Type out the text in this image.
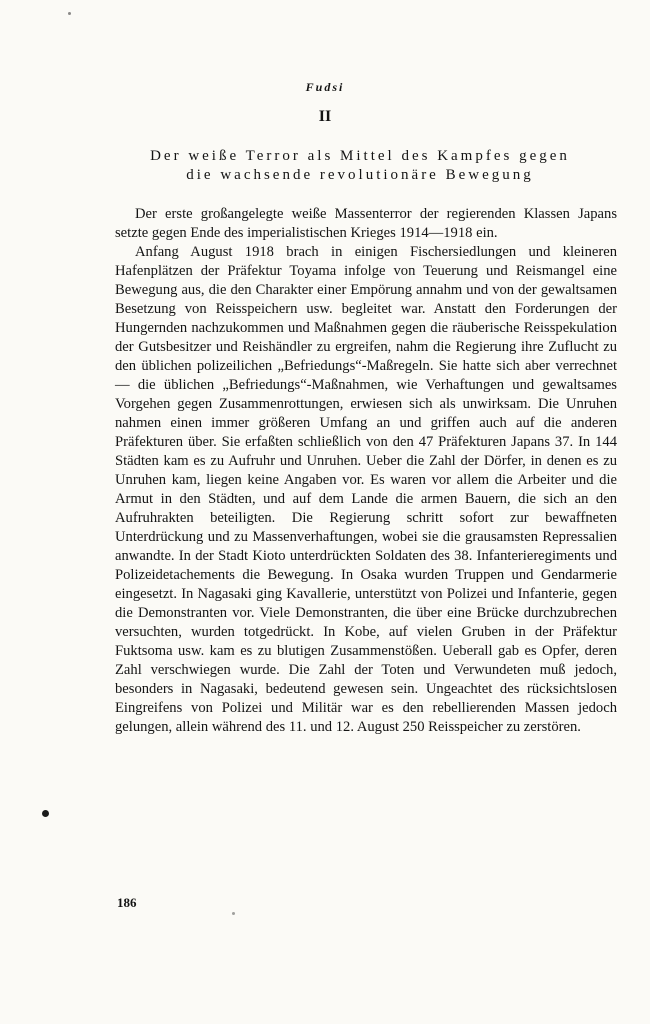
Fudsi
II
Der weiße Terror als Mittel des Kampfes gegen
die wachsende revolutionäre Bewegung

Der erste großangelegte weiße Massenterror der regierenden Klassen Japans setzte gegen Ende des imperialistischen Krieges 1914—1918 ein.

Anfang August 1918 brach in einigen Fischersiedlungen und kleineren Hafenplätzen der Präfektur Toyama infolge von Teuerung und Reismangel eine Bewegung aus, die den Charakter einer Empörung annahm und von der gewaltsamen Besetzung von Reisspeichern usw. begleitet war. Anstatt den Forderungen der Hungernden nachzukommen und Maßnahmen gegen die räuberische Reisspekulation der Gutsbesitzer und Reishändler zu ergreifen, nahm die Regierung ihre Zuflucht zu den üblichen polizeilichen „Befriedungs“-Maßregeln. Sie hatte sich aber verrechnet — die üblichen „Befriedungs“-Maßnahmen, wie Verhaftungen und gewaltsames Vorgehen gegen Zusammenrottungen, erwiesen sich als unwirksam. Die Unruhen nahmen einen immer größeren Umfang an und griffen auch auf die anderen Präfekturen über. Sie erfaßten schließlich von den 47 Präfekturen Japans 37. In 144 Städten kam es zu Aufruhr und Unruhen. Ueber die Zahl der Dörfer, in denen es zu Unruhen kam, liegen keine Angaben vor. Es waren vor allem die Arbeiter und die Armut in den Städten, und auf dem Lande die armen Bauern, die sich an den Aufruhrakten beteiligten. Die Regierung schritt sofort zur bewaffneten Unterdrückung und zu Massenverhaftungen, wobei sie die grausamsten Repressalien anwandte. In der Stadt Kioto unterdrückten Soldaten des 38. Infanterieregiments und Polizeidetachements die Bewegung. In Osaka wurden Truppen und Gendarmerie eingesetzt. In Nagasaki ging Kavallerie, unterstützt von Polizei und Infanterie, gegen die Demonstranten vor. Viele Demonstranten, die über eine Brücke durchzubrechen versuchten, wurden totgedrückt. In Kobe, auf vielen Gruben in der Präfektur Fuktsoma usw. kam es zu blutigen Zusammenstößen. Ueberall gab es Opfer, deren Zahl verschwiegen wurde. Die Zahl der Toten und Verwundeten muß jedoch, besonders in Nagasaki, bedeutend gewesen sein. Ungeachtet des rücksichtslosen Eingreifens von Polizei und Militär war es den rebellierenden Massen jedoch gelungen, allein während des 11. und 12. August 250 Reisspeicher zu zerstören.

186
